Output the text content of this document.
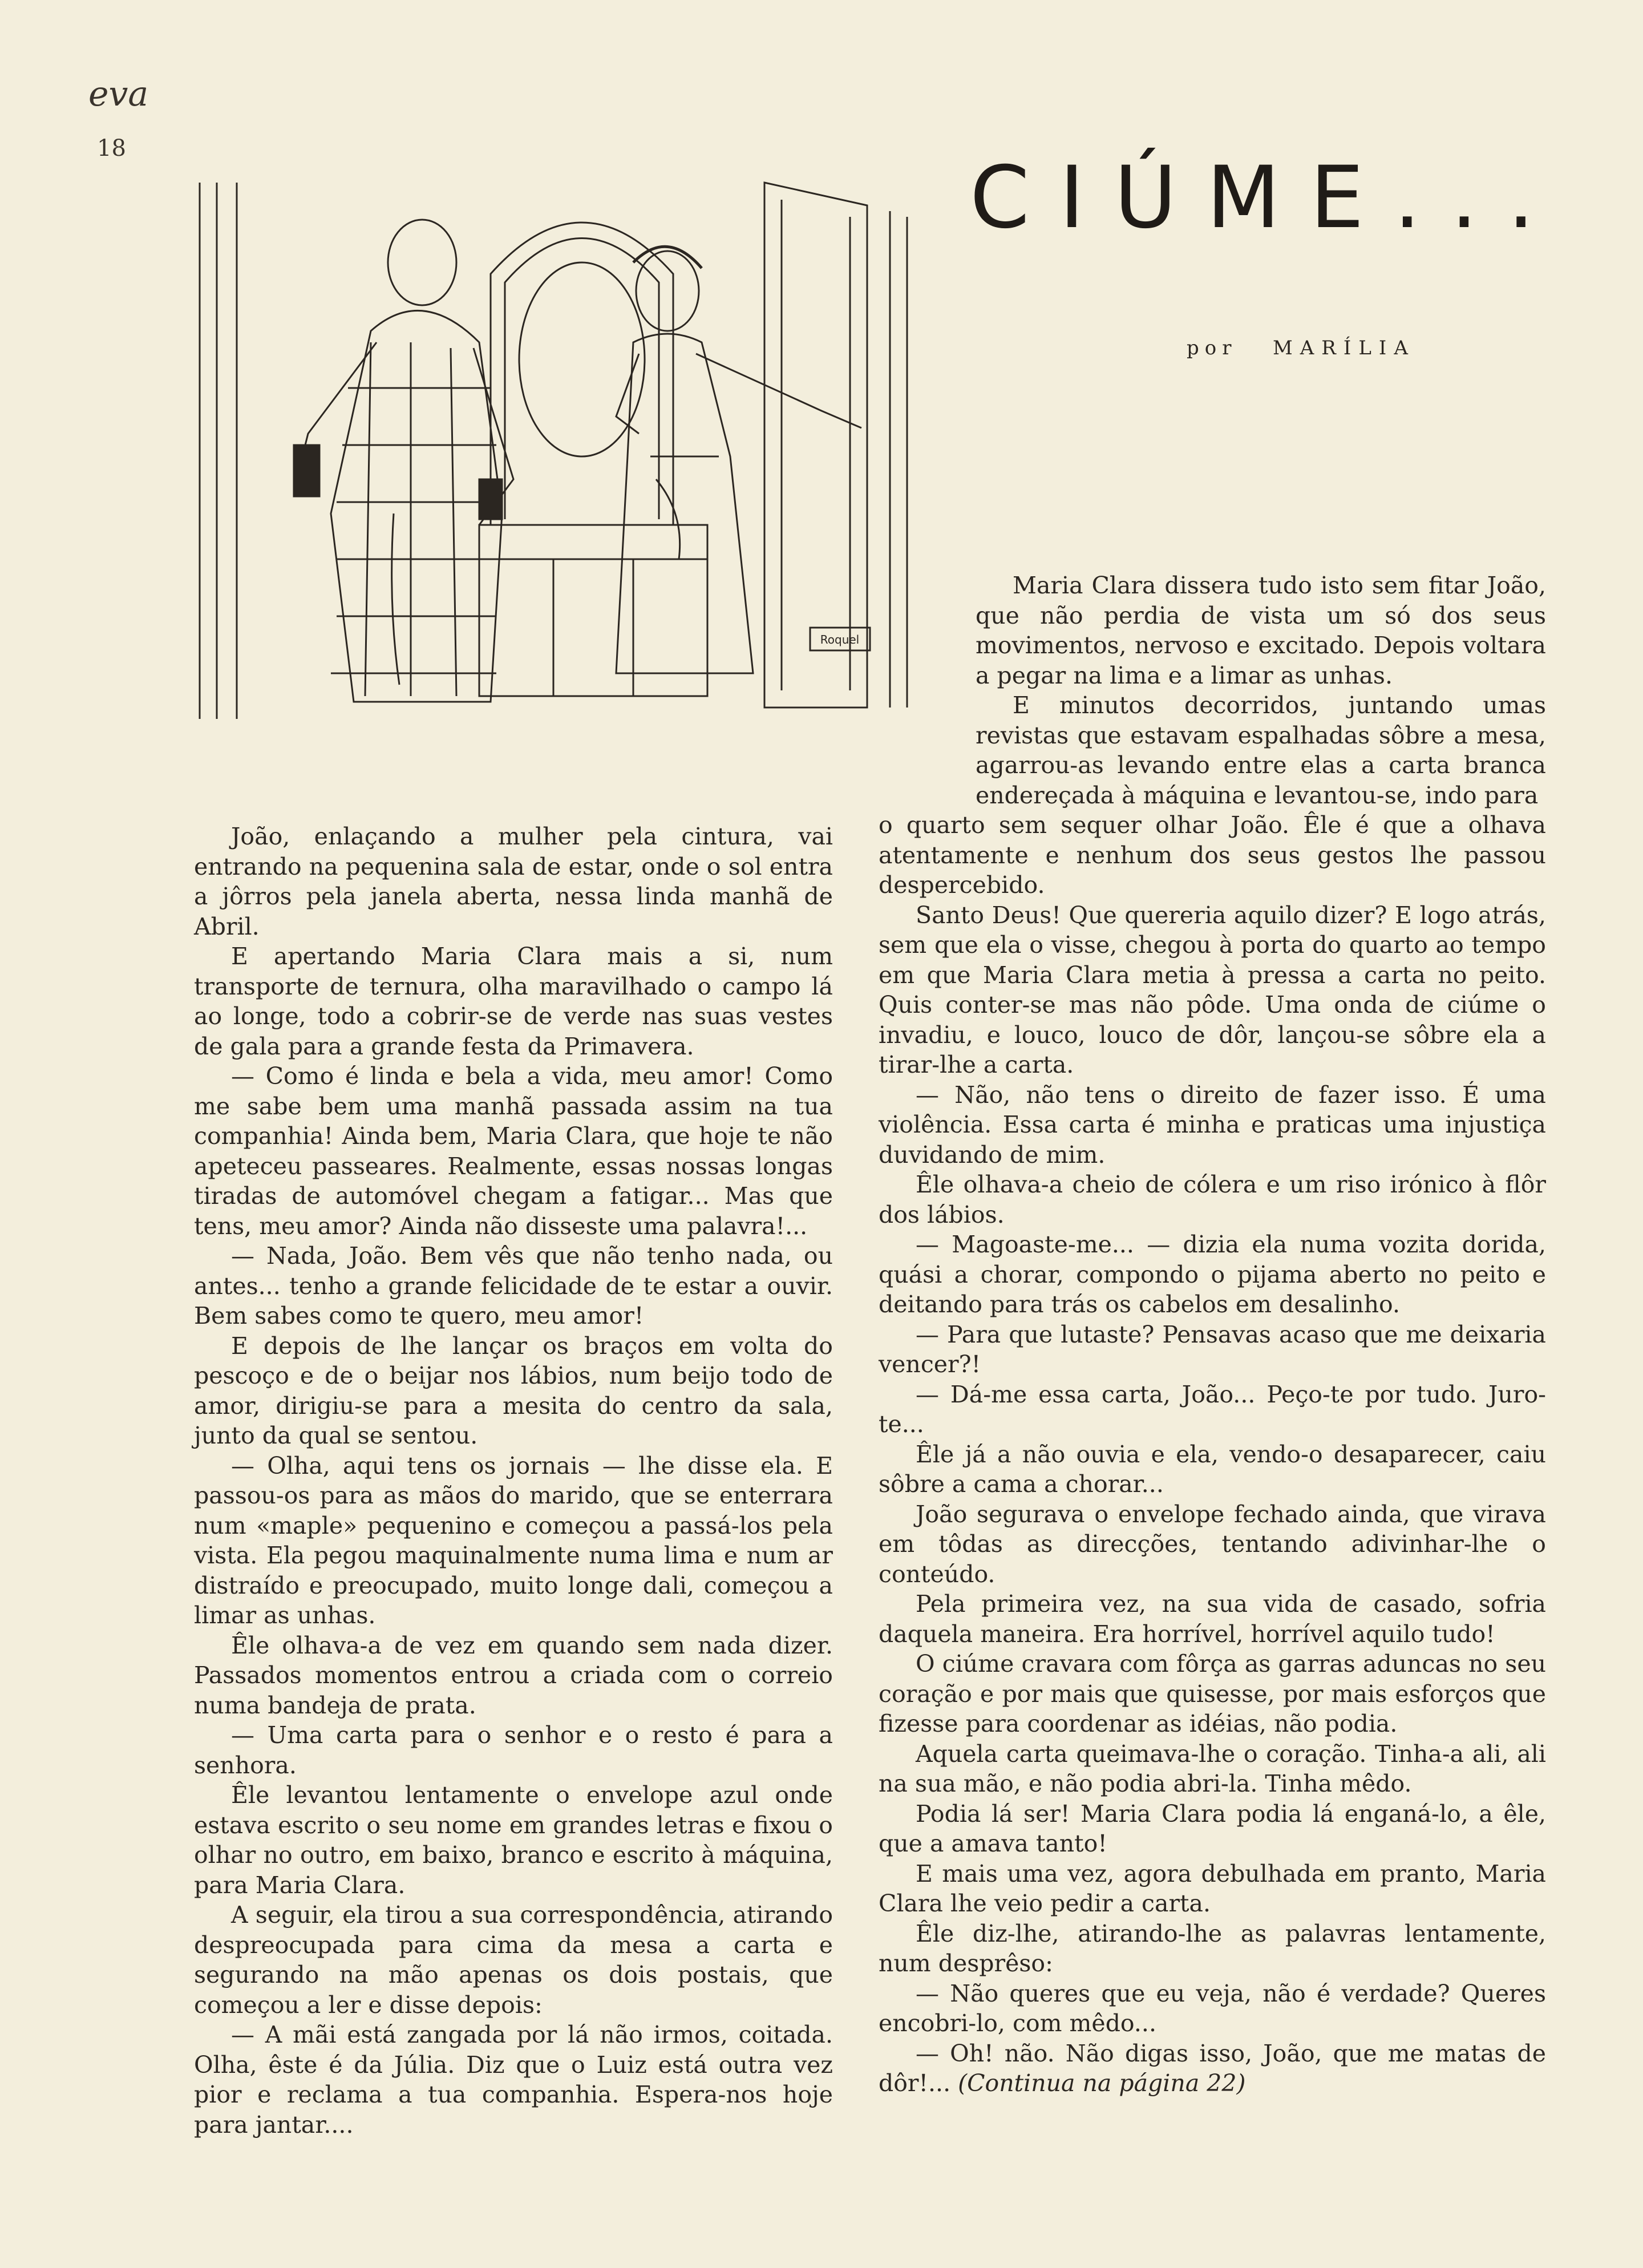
eva
18	CIÚME...
por MARÍLIA
Roquel

João, enlaçando a mulher pela cintura, vai entrando na pequenina sala de estar, onde o sol entra a jôrros pela janela aberta, nessa linda manhã de Abril.

E apertando Maria Clara mais a si, num transporte de ternura, olha maravilhado o campo lá ao longe, todo a cobrir-se de verde nas suas vestes de gala para a grande festa da Primavera.

— Como é linda e bela a vida, meu amor! Como me sabe bem uma manhã passada assim na tua companhia! Ainda bem, Maria Clara, que hoje te não apeteceu passeares. Realmente, essas nossas longas tiradas de automóvel chegam a fatigar... Mas que tens, meu amor? Ainda não disseste uma palavra!...

— Nada, João. Bem vês que não tenho nada, ou antes... tenho a grande felicidade de te estar a ouvir. Bem sabes como te quero, meu amor!

E depois de lhe lançar os braços em volta do pescoço e de o beijar nos lábios, num beijo todo de amor, dirigiu-se para a mesita do centro da sala, junto da qual se sentou.

— Olha, aqui tens os jornais — lhe disse ela. E passou-os para as mãos do marido, que se enterrara num «maple» pequenino e começou a passá-los pela vista. Ela pegou maquinalmente numa lima e num ar distraído e preocupado, muito longe dali, começou a limar as unhas.

Êle olhava-a de vez em quando sem nada dizer. Passados momentos entrou a criada com o correio numa bandeja de prata.

— Uma carta para o senhor e o resto é para a senhora.

Êle levantou lentamente o envelope azul onde estava escrito o seu nome em grandes letras e fixou o olhar no outro, em baixo, branco e escrito à máquina, para Maria Clara.

A seguir, ela tirou a sua correspondência, atirando despreocupada para cima da mesa a carta e segurando na mão apenas os dois postais, que começou a ler e disse depois:

— A mãi está zangada por lá não irmos, coitada. Olha, êste é da Júlia. Diz que o Luiz está outra vez pior e reclama a tua companhia. Espera-nos hoje para jantar....

Maria Clara dissera tudo isto sem fitar João, que não perdia de vista um só dos seus movimentos, nervoso e excitado. Depois voltara a pegar na lima e a limar as unhas.

E minutos decorridos, juntando umas revistas que estavam espalhadas sôbre a mesa, agarrou-as levando entre elas a carta branca endereçada à máquina e levantou-se, indo para

o quarto sem sequer olhar João. Êle é que a olhava atentamente e nenhum dos seus gestos lhe passou despercebido.

Santo Deus! Que quereria aquilo dizer? E logo atrás, sem que ela o visse, chegou à porta do quarto ao tempo em que Maria Clara metia à pressa a carta no peito. Quis conter-se mas não pôde. Uma onda de ciúme o invadiu, e louco, louco de dôr, lançou-se sôbre ela a tirar-lhe a carta.

— Não, não tens o direito de fazer isso. É uma violência. Essa carta é minha e praticas uma injustiça duvidando de mim.

Êle olhava-a cheio de cólera e um riso irónico à flôr dos lábios.

— Magoaste-me... — dizia ela numa vozita dorida, quási a chorar, compondo o pijama aberto no peito e deitando para trás os cabelos em desalinho.

— Para que lutaste? Pensavas acaso que me deixaria vencer?!

— Dá-me essa carta, João... Peço-te por tudo. Juro-te...

Êle já a não ouvia e ela, vendo-o desaparecer, caiu sôbre a cama a chorar...

João segurava o envelope fechado ainda, que virava em tôdas as direcções, tentando adivinhar-lhe o conteúdo.

Pela primeira vez, na sua vida de casado, sofria daquela maneira. Era horrível, horrível aquilo tudo!

O ciúme cravara com fôrça as garras aduncas no seu coração e por mais que quisesse, por mais esforços que fizesse para coordenar as idéias, não podia.

Aquela carta queimava-lhe o coração. Tinha-a ali, ali na sua mão, e não podia abri-la. Tinha mêdo.

Podia lá ser! Maria Clara podia lá enganá-lo, a êle, que a amava tanto!

E mais uma vez, agora debulhada em pranto, Maria Clara lhe veio pedir a carta.

Êle diz-lhe, atirando-lhe as palavras lentamente, num desprêso:

— Não queres que eu veja, não é verdade? Queres encobri-lo, com mêdo...

— Oh! não. Não digas isso, João, que me matas de dôr!... (Continua na página 22)
